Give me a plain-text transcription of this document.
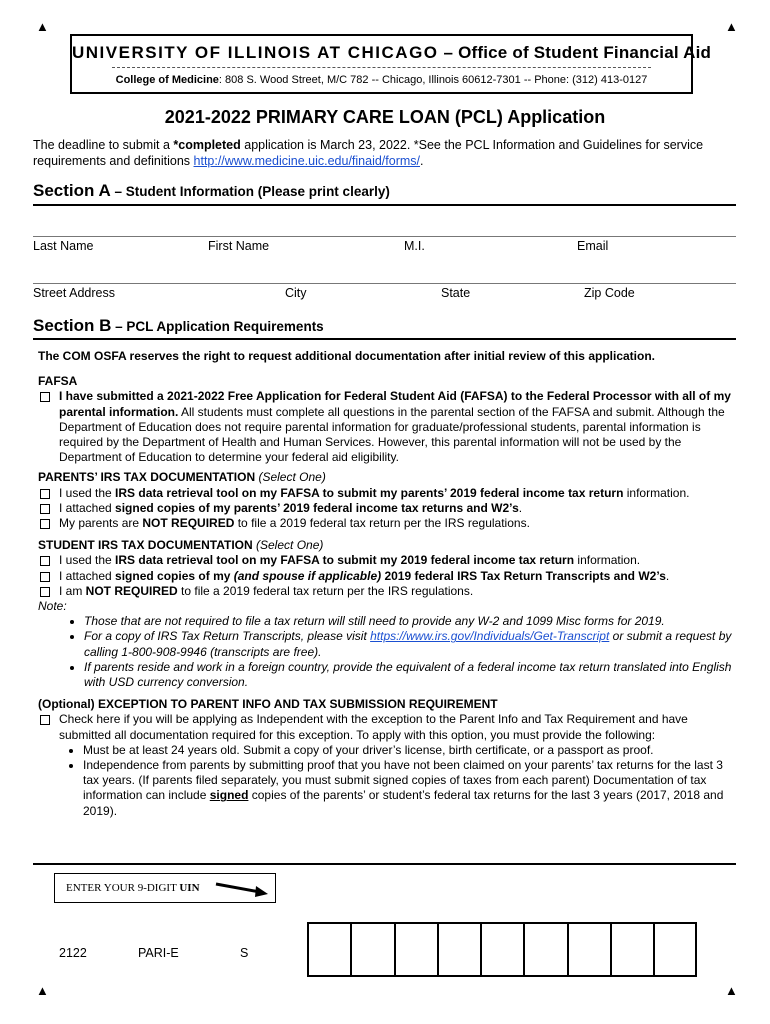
▲	▲
▲	▲
UNIVERSITY OF ILLINOIS AT CHICAGO – Office of Student Financial Aid
College of Medicine: 808 S. Wood Street, M/C 782 -- Chicago, Illinois 60612-7301 -- Phone: (312) 413-0127
2021-2022 PRIMARY CARE LOAN (PCL) Application
The deadline to submit a *completed application is March 23, 2022. *See the PCL Information and Guidelines for service requirements and definitions http://www.medicine.uic.edu/finaid/forms/.
Section A – Student Information (Please print clearly)
Last Name	First Name	M.I.	Email
Street Address	City	State	Zip Code
Section B – PCL Application Requirements

The COM OSFA reserves the right to request additional documentation after initial review of this application.

FAFSA

I have submitted a 2021-2022 Free Application for Federal Student Aid (FAFSA) to the Federal Processor with all of my parental information. All students must complete all questions in the parental section of the FAFSA and submit. Although the Department of Education does not require parental information for graduate/professional students, parental information is required by the Department of Health and Human Services. However, this parental information will not be used by the Department of Education to determine your federal aid eligibility.

PARENTS’ IRS TAX DOCUMENTATION (Select One)

I used the IRS data retrieval tool on my FAFSA to submit my parents’ 2019 federal income tax return information.
I attached signed copies of my parents’ 2019 federal income tax returns and W2’s.
My parents are NOT REQUIRED to file a 2019 federal tax return per the IRS regulations.

STUDENT IRS TAX DOCUMENTATION (Select One)

I used the IRS data retrieval tool on my FAFSA to submit my 2019 federal income tax return information.
I attached signed copies of my (and spouse if applicable) 2019 federal IRS Tax Return Transcripts and W2’s.
I am NOT REQUIRED to file a 2019 federal tax return per the IRS regulations.

Note:

• Those that are not required to file a tax return will still need to provide any W-2 and 1099 Misc forms for 2019.
• For a copy of IRS Tax Return Transcripts, please visit https://www.irs.gov/Individuals/Get-Transcript or submit a request by calling 1-800-908-9946 (transcripts are free).
• If parents reside and work in a foreign country, provide the equivalent of a federal income tax return translated into English with USD currency conversion.

(Optional) EXCEPTION TO PARENT INFO AND TAX SUBMISSION REQUIREMENT

Check here if you will be applying as Independent with the exception to the Parent Info and Tax Requirement and have submitted all documentation required for this exception. To apply with this option, you must provide the following:
• Must be at least 24 years old. Submit a copy of your driver’s license, birth certificate, or a passport as proof.
• Independence from parents by submitting proof that you have not been claimed on your parents’ tax returns for the last 3 tax years. (If parents filed separately, you must submit signed copies of taxes from each parent) Documentation of tax information can include signed copies of the parents’ or student’s federal tax returns for the last 3 years (2017, 2018 and 2019).
ENTER YOUR 9-DIGIT UIN
2122	PARI-E	S
